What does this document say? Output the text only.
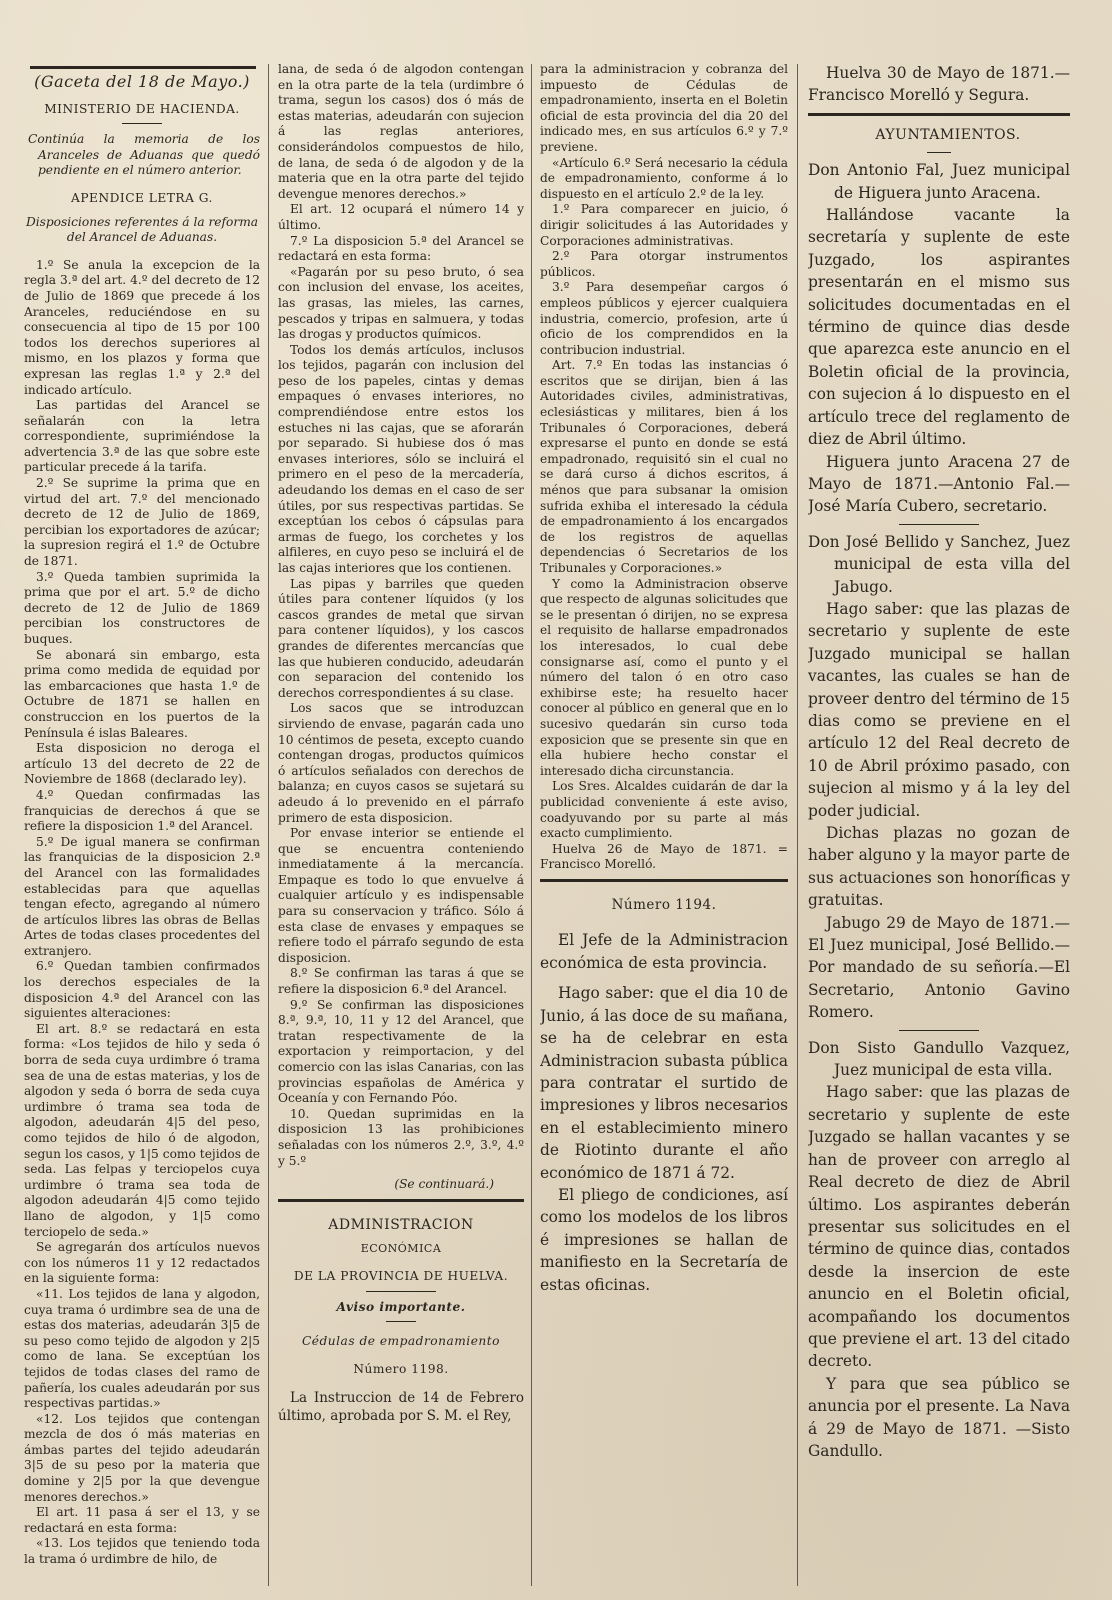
(Gaceta del 18 de Mayo.)

MINISTERIO DE HACIENDA.

Continúa la memoria de los Aranceles de Aduanas que quedó pendiente en el número anterior.

APENDICE LETRA G.

Disposiciones referentes á la reforma del Arancel de Aduanas.

1.º Se anula la excepcion de la regla 3.ª del art. 4.º del decreto de 12 de Julio de 1869 que precede á los Aranceles, reduciéndose en su consecuencia al tipo de 15 por 100 todos los derechos superiores al mismo, en los plazos y forma que expresan las reglas 1.ª y 2.ª del indicado artículo.

Las partidas del Arancel se señalarán con la letra correspondiente, suprimiéndose la advertencia 3.ª de las que sobre este particular precede á la tarifa.

2.º Se suprime la prima que en virtud del art. 7.º del mencionado decreto de 12 de Julio de 1869, percibian los exportadores de azúcar; la supresion regirá el 1.º de Octubre de 1871.

3.º Queda tambien suprimida la prima que por el art. 5.º de dicho decreto de 12 de Julio de 1869 percibian los constructores de buques.

Se abonará sin embargo, esta prima como medida de equidad por las embarcaciones que hasta 1.º de Octubre de 1871 se hallen en construccion en los puertos de la Península é islas Baleares.

Esta disposicion no deroga el artículo 13 del decreto de 22 de Noviembre de 1868 (declarado ley).

4.º Quedan confirmadas las franquicias de derechos á que se refiere la disposicion 1.ª del Arancel.

5.º De igual manera se confirman las franquicias de la disposicion 2.ª del Arancel con las formalidades establecidas para que aquellas tengan efecto, agregando al número de artículos libres las obras de Bellas Artes de todas clases procedentes del extranjero.

6.º Quedan tambien confirmados los derechos especiales de la disposicion 4.ª del Arancel con las siguientes alteraciones:

El art. 8.º se redactará en esta forma: «Los tejidos de hilo y seda ó borra de seda cuya urdimbre ó trama sea de una de estas materias, y los de algodon y seda ó borra de seda cuya urdimbre ó trama sea toda de algodon, adeudarán 4|5 del peso, como tejidos de hilo ó de algodon, segun los casos, y 1|5 como tejidos de seda. Las felpas y terciopelos cuya urdimbre ó trama sea toda de algodon adeudarán 4|5 como tejido llano de algodon, y 1|5 como terciopelo de seda.»

Se agregarán dos artículos nuevos con los números 11 y 12 redactados en la siguiente forma:

«11. Los tejidos de lana y algodon, cuya trama ó urdimbre sea de una de estas dos materias, adeudarán 3|5 de su peso como tejido de algodon y 2|5 como de lana. Se exceptúan los tejidos de todas clases del ramo de pañería, los cuales adeudarán por sus respectivas partidas.»

«12. Los tejidos que contengan mezcla de dos ó más materias en ámbas partes del tejido adeudarán 3|5 de su peso por la materia que domine y 2|5 por la que devengue menores derechos.»

El art. 11 pasa á ser el 13, y se redactará en esta forma:

«13. Los tejidos que teniendo toda la trama ó urdimbre de hilo, de

lana, de seda ó de algodon contengan en la otra parte de la tela (urdimbre ó trama, segun los casos) dos ó más de estas materias, adeudarán con sujecion á las reglas anteriores, considerándolos compuestos de hilo, de lana, de seda ó de algodon y de la materia que en la otra parte del tejido devengue menores derechos.»

El art. 12 ocupará el número 14 y último.

7.º La disposicion 5.ª del Arancel se redactará en esta forma:

«Pagarán por su peso bruto, ó sea con inclusion del envase, los aceites, las grasas, las mieles, las carnes, pescados y tripas en salmuera, y todas las drogas y productos químicos.

Todos los demás artículos, inclusos los tejidos, pagarán con inclusion del peso de los papeles, cintas y demas empaques ó envases interiores, no comprendiéndose entre estos los estuches ni las cajas, que se aforarán por separado. Si hubiese dos ó mas envases interiores, sólo se incluirá el primero en el peso de la mercadería, adeudando los demas en el caso de ser útiles, por sus respectivas partidas. Se exceptúan los cebos ó cápsulas para armas de fuego, los corchetes y los alfileres, en cuyo peso se incluirá el de las cajas interiores que los contienen.

Las pipas y barriles que queden útiles para contener líquidos (y los cascos grandes de metal que sirvan para contener líquidos), y los cascos grandes de diferentes mercancías que las que hubieren conducido, adeudarán con separacion del contenido los derechos correspondientes á su clase.

Los sacos que se introduzcan sirviendo de envase, pagarán cada uno 10 céntimos de peseta, excepto cuando contengan drogas, productos químicos ó artículos señalados con derechos de balanza; en cuyos casos se sujetará su adeudo á lo prevenido en el párrafo primero de esta disposicion.

Por envase interior se entiende el que se encuentra conteniendo inmediatamente á la mercancía. Empaque es todo lo que envuelve á cualquier artículo y es indispensable para su conservacion y tráfico. Sólo á esta clase de envases y empaques se refiere todo el párrafo segundo de esta disposicion.

8.º Se confirman las taras á que se refiere la disposicion 6.ª del Arancel.

9.º Se confirman las disposiciones 8.ª, 9.ª, 10, 11 y 12 del Arancel, que tratan respectivamente de la exportacion y reimportacion, y del comercio con las islas Canarias, con las provincias españolas de América y Oceanía y con Fernando Póo.

10. Quedan suprimidas en la disposicion 13 las prohibiciones señaladas con los números 2.º, 3.º, 4.º y 5.º

(Se continuará.)

ADMINISTRACION

ECONÓMICA

DE LA PROVINCIA DE HUELVA.

Aviso importante.

Cédulas de empadronamiento

Número 1198.

La Instruccion de 14 de Febrero último, aprobada por S. M. el Rey,

para la administracion y cobranza del impuesto de Cédulas de empadronamiento, inserta en el Boletin oficial de esta provincia del dia 20 del indicado mes, en sus artículos 6.º y 7.º previene.

«Artículo 6.º Será necesario la cédula de empadronamiento, conforme á lo dispuesto en el artículo 2.º de la ley.

1.º Para comparecer en juicio, ó dirigir solicitudes á las Autoridades y Corporaciones administrativas.

2.º Para otorgar instrumentos públicos.

3.º Para desempeñar cargos ó empleos públicos y ejercer cualquiera industria, comercio, profesion, arte ú oficio de los comprendidos en la contribucion industrial.

Art. 7.º En todas las instancias ó escritos que se dirijan, bien á las Autoridades civiles, administrativas, eclesiásticas y militares, bien á los Tribunales ó Corporaciones, deberá expresarse el punto en donde se está empadronado, requisitó sin el cual no se dará curso á dichos escritos, á ménos que para subsanar la omision sufrida exhiba el interesado la cédula de empadronamiento á los encargados de los registros de aquellas dependencias ó Secretarios de los Tribunales y Corporaciones.»

Y como la Administracion observe que respecto de algunas solicitudes que se le presentan ó dirijen, no se expresa el requisito de hallarse empadronados los interesados, lo cual debe consignarse así, como el punto y el número del talon ó en otro caso exhibirse este; ha resuelto hacer conocer al público en general que en lo sucesivo quedarán sin curso toda exposicion que se presente sin que en ella hubiere hecho constar el interesado dicha circunstancia.

Los Sres. Alcaldes cuidarán de dar la publicidad conveniente á este aviso, coadyuvando por su parte al más exacto cumplimiento.

Huelva 26 de Mayo de 1871. = Francisco Morelló.

Número 1194.

El Jefe de la Administracion económica de esta provincia.

Hago saber: que el dia 10 de Junio, á las doce de su mañana, se ha de celebrar en esta Administracion subasta pública para contratar el surtido de impresiones y libros necesarios en el establecimiento minero de Riotinto durante el año económico de 1871 á 72.

El pliego de condiciones, así como los modelos de los libros é impresiones se hallan de manifiesto en la Secretaría de estas oficinas.

Huelva 30 de Mayo de 1871.—Francisco Morelló y Segura.

AYUNTAMIENTOS.

Don Antonio Fal, Juez municipal de Higuera junto Aracena.

Hallándose vacante la secretaría y suplente de este Juzgado, los aspirantes presentarán en el mismo sus solicitudes documentadas en el término de quince dias desde que aparezca este anuncio en el Boletin oficial de la provincia, con sujecion á lo dispuesto en el artículo trece del reglamento de diez de Abril último.

Higuera junto Aracena 27 de Mayo de 1871.—Antonio Fal.—José María Cubero, secretario.

Don José Bellido y Sanchez, Juez municipal de esta villa del Jabugo.

Hago saber: que las plazas de secretario y suplente de este Juzgado municipal se hallan vacantes, las cuales se han de proveer dentro del término de 15 dias como se previene en el artículo 12 del Real decreto de 10 de Abril próximo pasado, con sujecion al mismo y á la ley del poder judicial.

Dichas plazas no gozan de haber alguno y la mayor parte de sus actuaciones son honoríficas y gratuitas.

Jabugo 29 de Mayo de 1871.—El Juez municipal, José Bellido.—Por mandado de su señoría.—El Secretario, Antonio Gavino Romero.

Don Sisto Gandullo Vazquez, Juez municipal de esta villa.

Hago saber: que las plazas de secretario y suplente de este Juzgado se hallan vacantes y se han de proveer con arreglo al Real decreto de diez de Abril último. Los aspirantes deberán presentar sus solicitudes en el término de quince dias, contados desde la insercion de este anuncio en el Boletin oficial, acompañando los documentos que previene el art. 13 del citado decreto.

Y para que sea público se anuncia por el presente. La Nava á 29 de Mayo de 1871. —Sisto Gandullo.
